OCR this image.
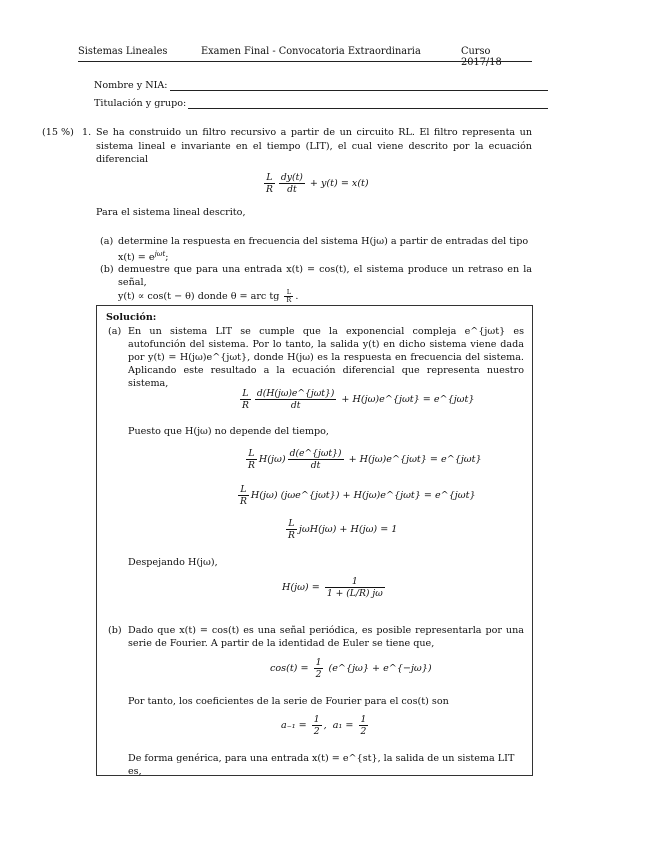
Sistemas Lineales	Examen Final - Convocatoria Extraordinaria	Curso 2017/18
Nombre y NIA:
Titulación y grupo:
(15 %) 1. Se ha construido un filtro recursivo a partir de un circuito RL. El filtro representa un sistema lineal e invariante en el tiempo (LIT), el cual viene descrito por la ecuación diferencial
$\frac{L}{R} \frac{dy(t)}{dt} + y(t) = x(t)$
Para el sistema lineal descrito,
(a) determine la respuesta en frecuencia del sistema H(jω) a partir de entradas del tipo
$x(t) = e^{j\omega t}$;
(b) demuestre que para una entrada x(t) = cos(t), el sistema produce un retraso en la señal,
y(t) ∝ cos(t − θ) donde θ = arc tg $\frac{L}{R}$ .
Solución:
(a) En un sistema LIT se cumple que la exponencial compleja e^{jωt} es autofunción del sistema. Por lo tanto, la salida y(t) en dicho sistema viene dada por y(t) = H(jω)e^{jωt}, donde H(jω) es la respuesta en frecuencia del sistema. Aplicando este resultado a la ecuación diferencial que representa nuestro sistema,
$\frac{L}{R} \frac{\text{d(H(jω)e\textasciicircum{}\{jωt\})}}{dt}$ + H(jω)e^{jωt} = e^{jωt}
Puesto que H(jω) no depende del tiempo,
$\frac{L}{R} H(j\omega) \frac{\text{d(e\textasciicircum{}\{jωt\})}}{dt}$ + H(jω)e^{jωt} = e^{jωt}
$\frac{L}{R} H(j\omega)$ (jωe^{jωt}) + H(jω)e^{jωt} = e^{jωt}
$\frac{L}{R} j\omega H(j\omega) + H(j\omega) = 1$
Despejando H(jω),
$H(j\omega) = \frac{1}{1 + (L/R) j\omega}$
(b) Dado que x(t) = cos(t) es una señal periódica, es posible representarla por una serie de Fourier. A partir de la identidad de Euler se tiene que,
$\cos(t) = \frac{1}{2}$ (e^{jω} + e^{−jω})
Por tanto, los coeficientes de la serie de Fourier para el cos(t) son
$a_{-1} = \frac{1}{2}$ ,  $a_1 = \frac{1}{2}$
De forma genérica, para una entrada x(t) = e^{st}, la salida de un sistema LIT es,
